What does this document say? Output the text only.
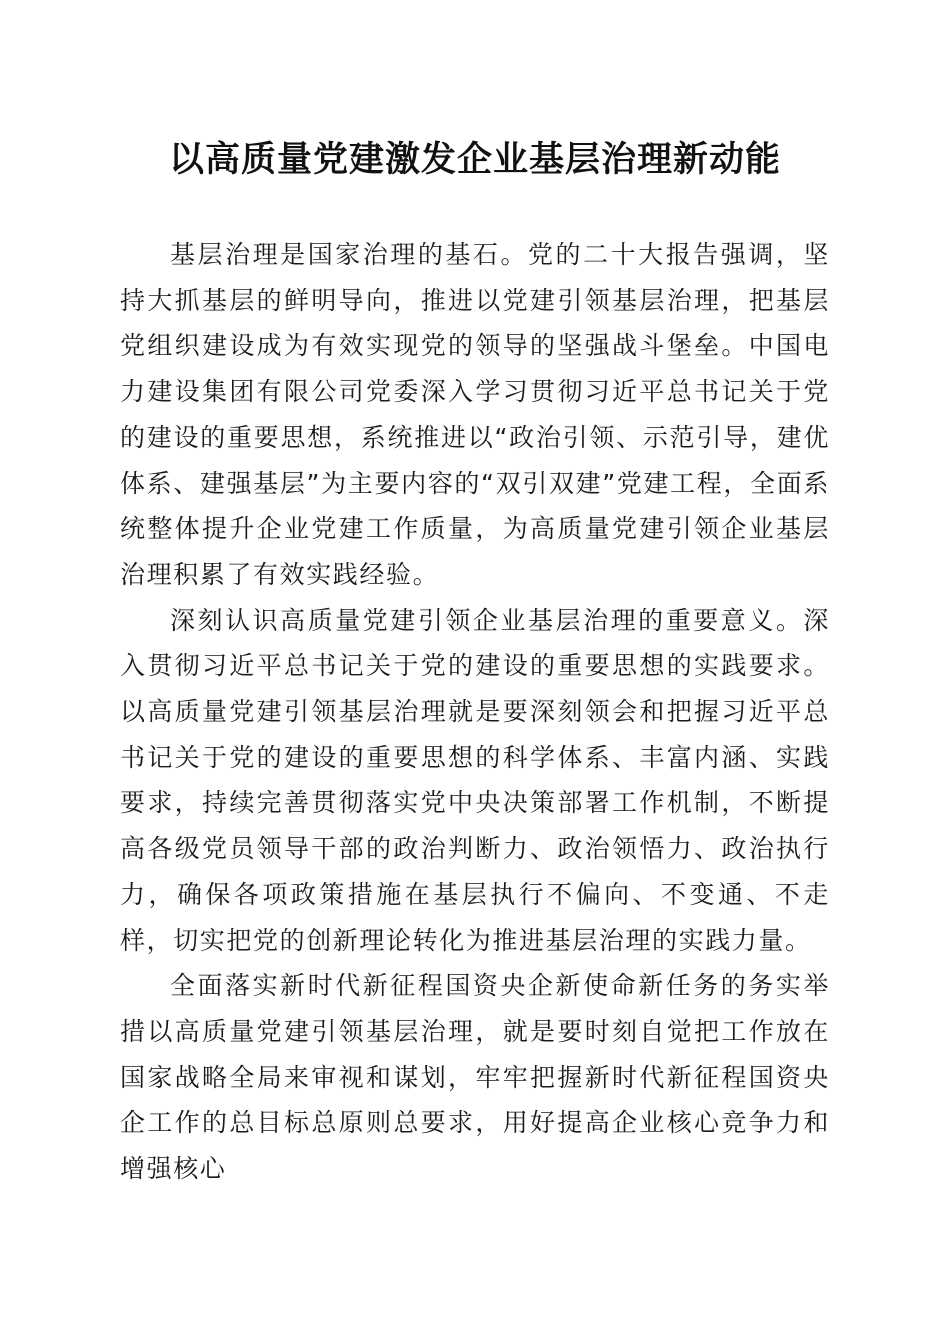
以高质量党建激发企业基层治理新动能

基层治理是国家治理的基石。党的二十大报告强调，坚持大抓基层的鲜明导向，推进以党建引领基层治理，把基层党组织建设成为有效实现党的领导的坚强战斗堡垒。中国电力建设集团有限公司党委深入学习贯彻习近平总书记关于党的建设的重要思想，系统推进以“政治引领、示范引导，建优体系、建强基层”为主要内容的“双引双建”党建工程，全面系统整体提升企业党建工作质量，为高质量党建引领企业基层治理积累了有效实践经验。

深刻认识高质量党建引领企业基层治理的重要意义。深入贯彻习近平总书记关于党的建设的重要思想的实践要求。以高质量党建引领基层治理就是要深刻领会和把握习近平总书记关于党的建设的重要思想的科学体系、丰富内涵、实践要求，持续完善贯彻落实党中央决策部署工作机制，不断提高各级党员领导干部的政治判断力、政治领悟力、政治执行力，确保各项政策措施在基层执行不偏向、不变通、不走样，切实把党的创新理论转化为推进基层治理的实践力量。

全面落实新时代新征程国资央企新使命新任务的务实举措以高质量党建引领基层治理，就是要时刻自觉把工作放在国家战略全局来审视和谋划，牢牢把握新时代新征程国资央企工作的总目标总原则总要求，用好提高企业核心竞争力和增强核心
